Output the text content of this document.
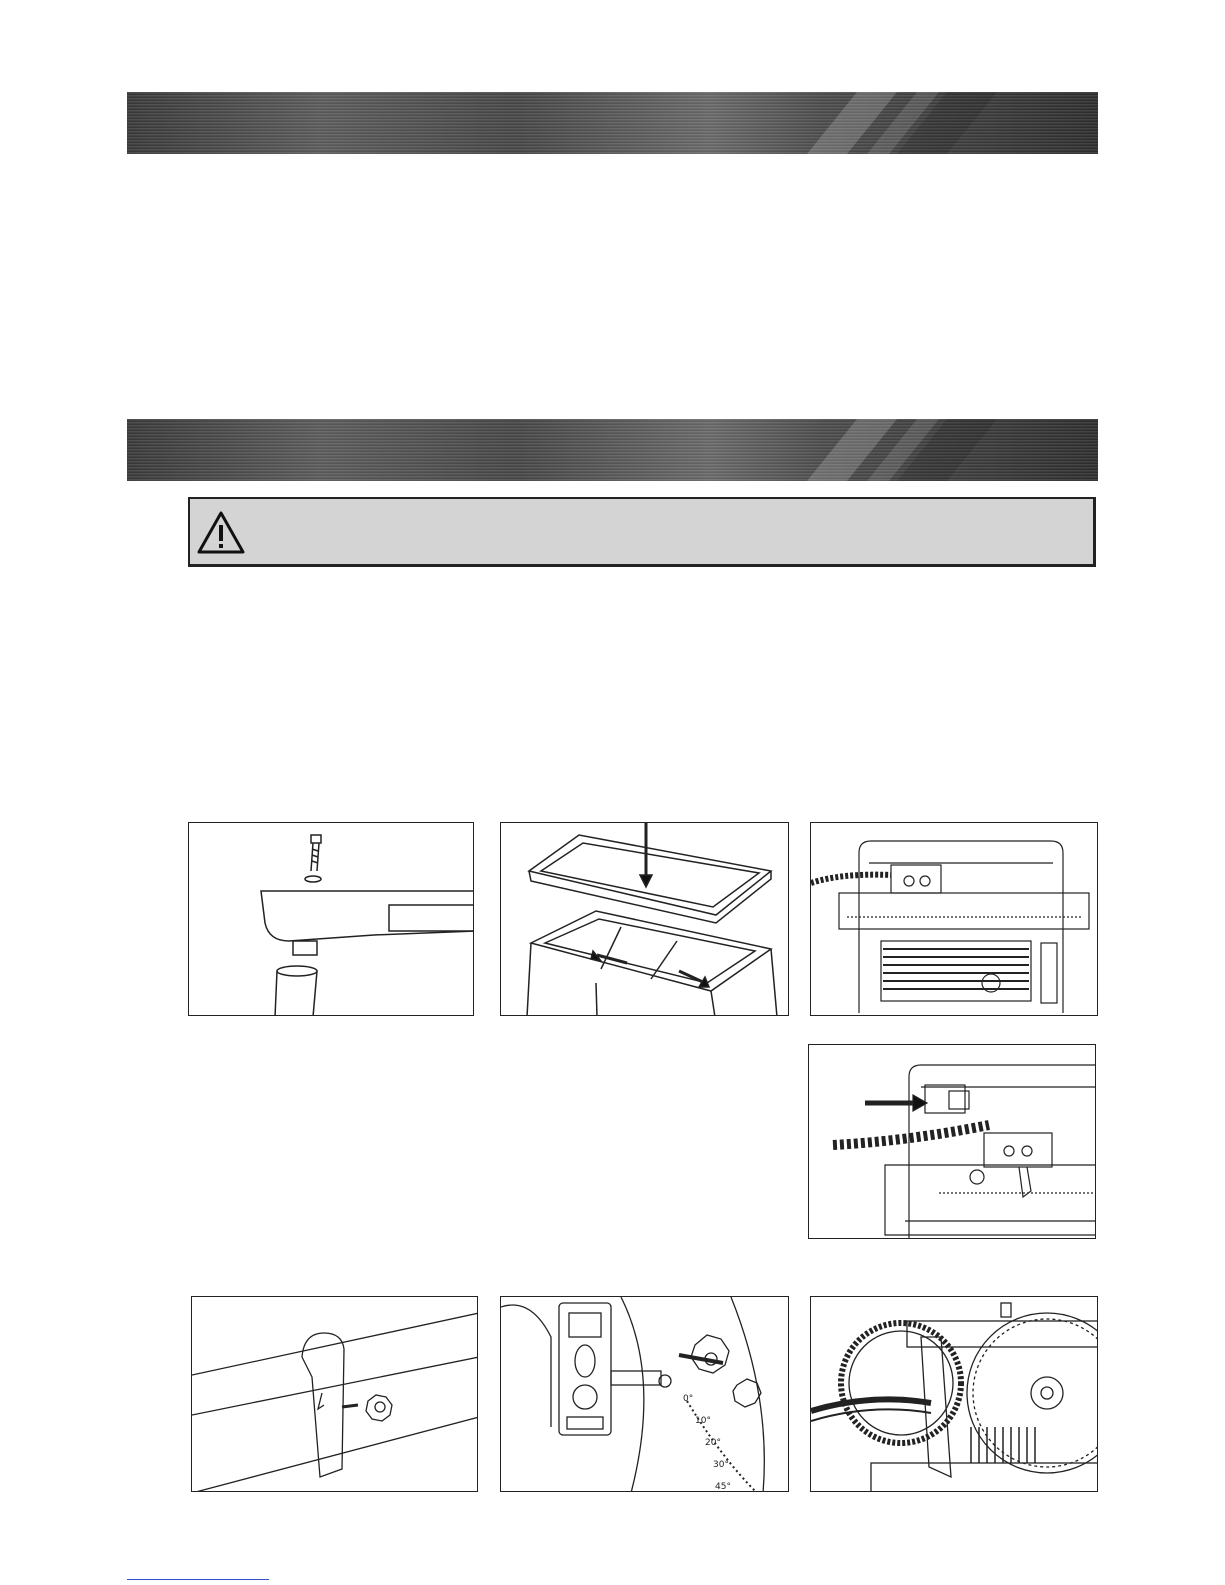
0°
10°
20°
30°
45°
